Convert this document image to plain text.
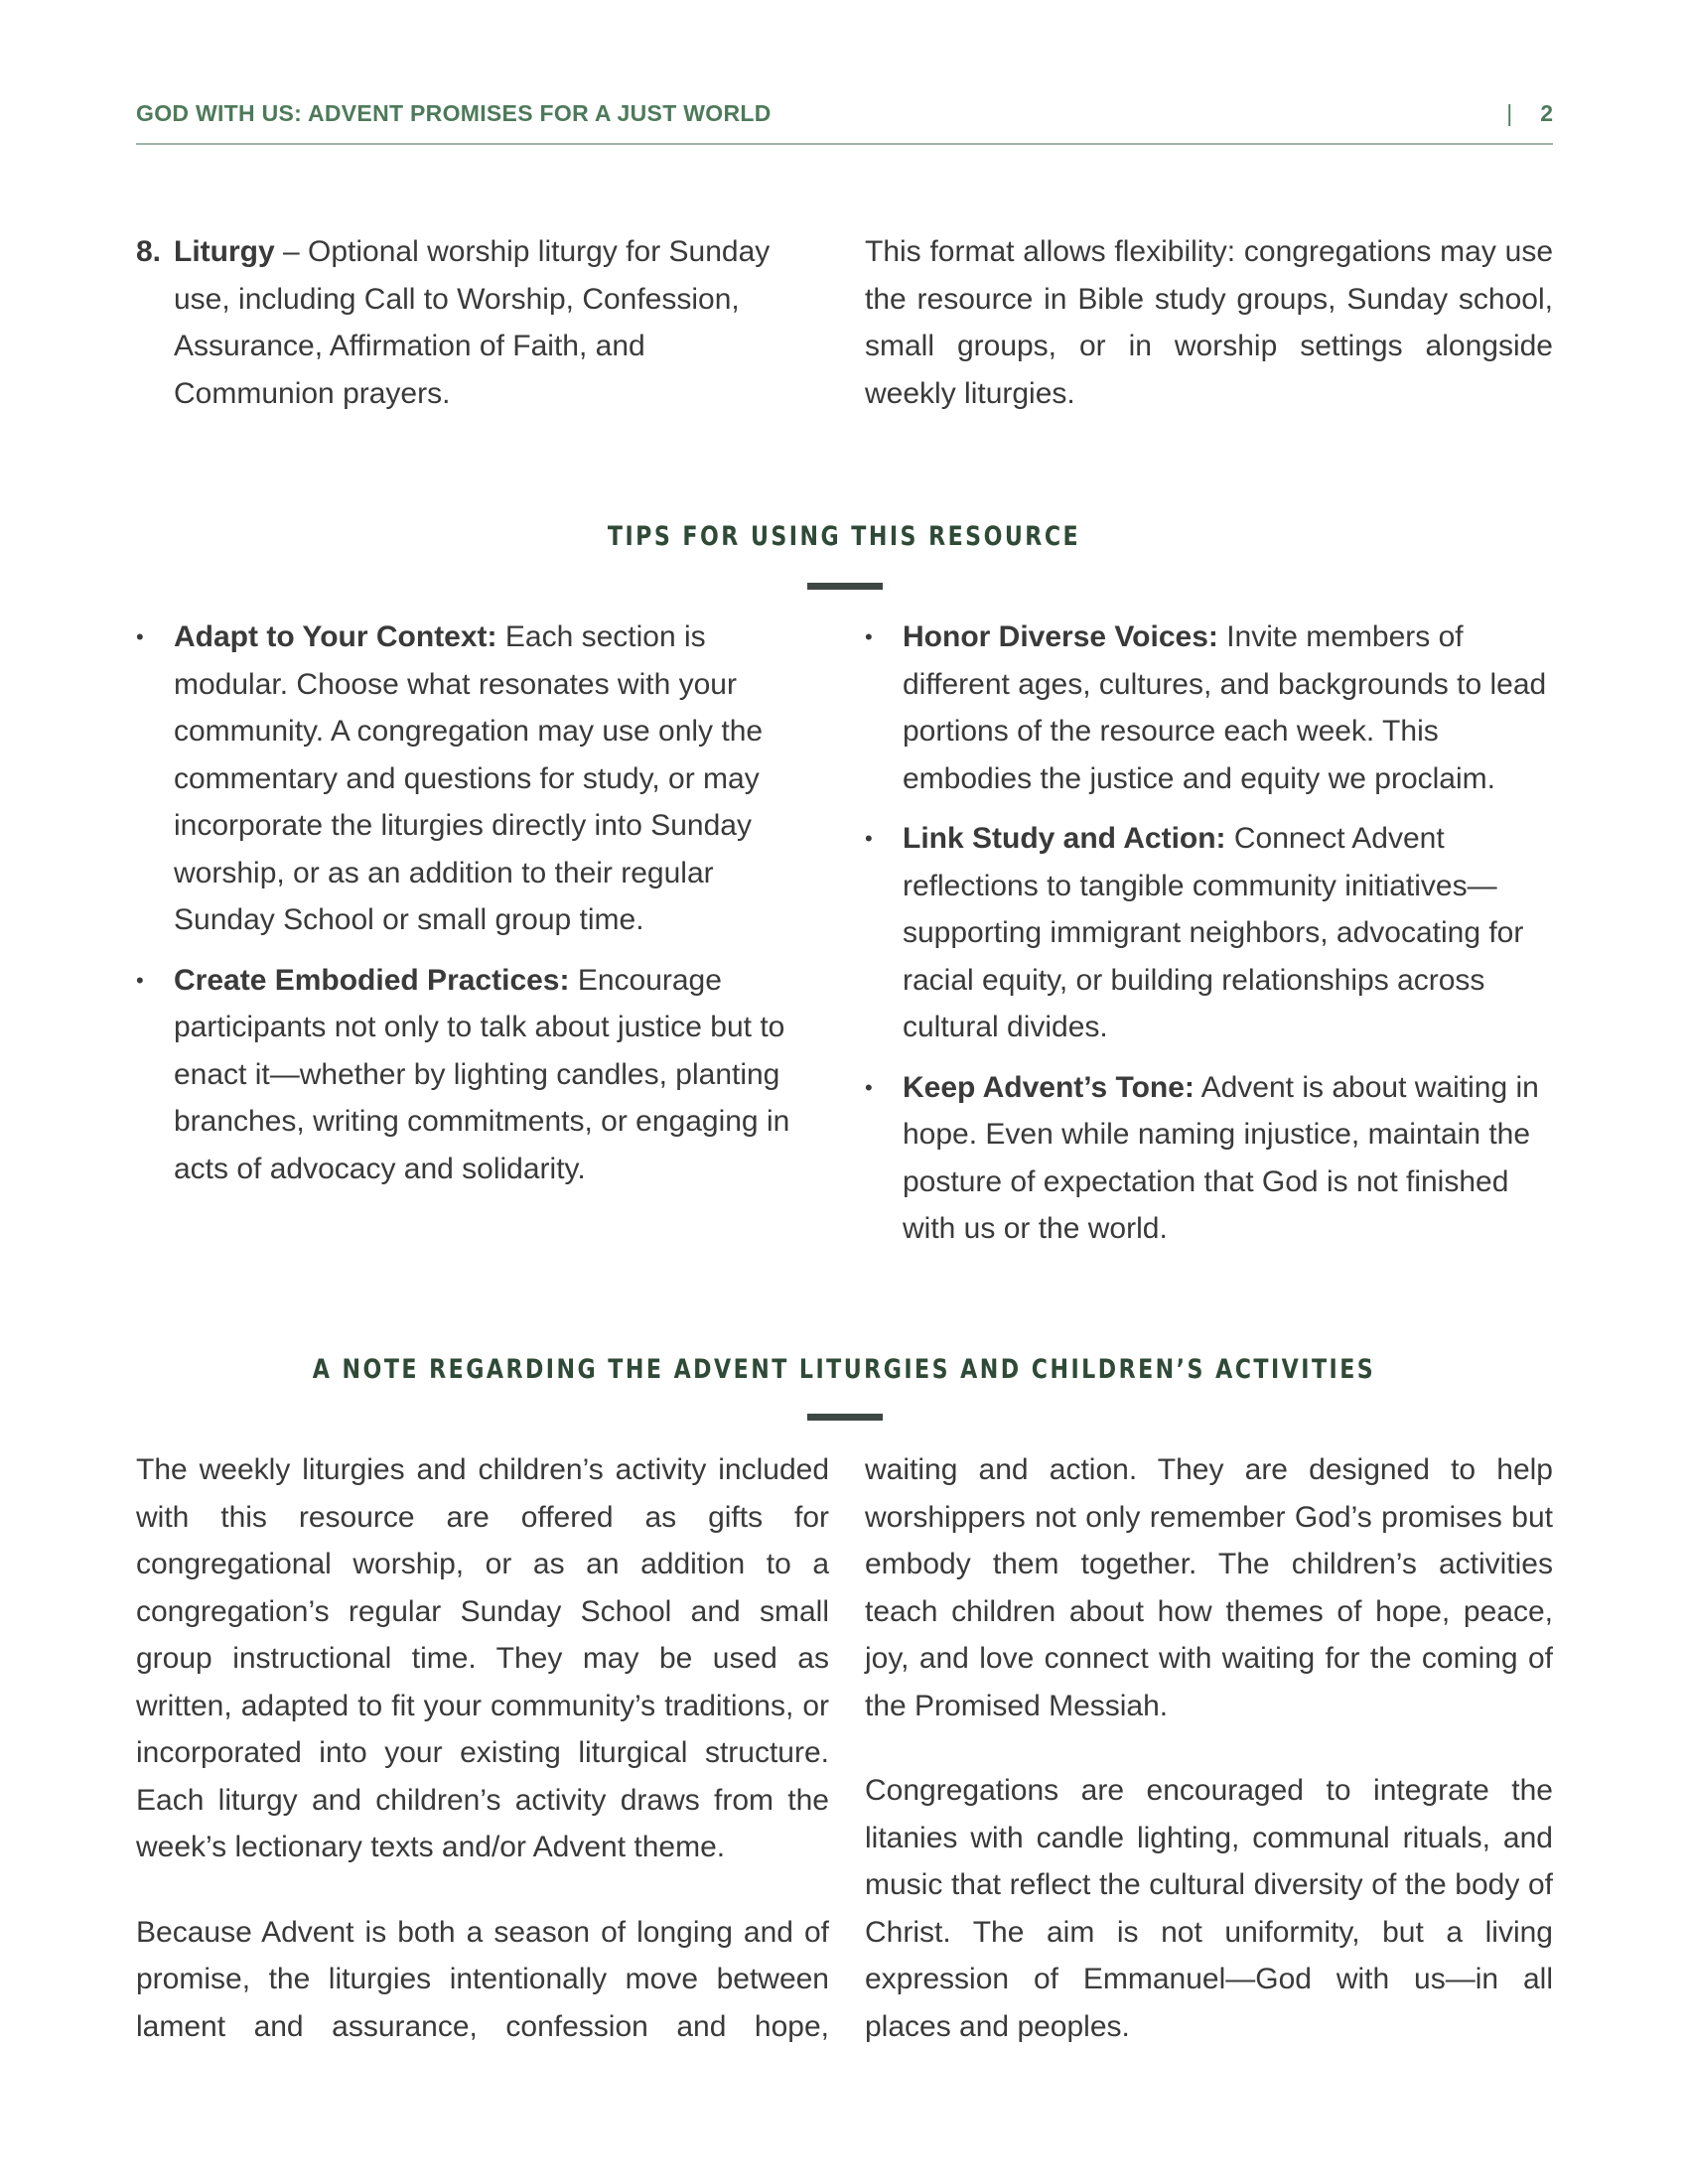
GOD WITH US: ADVENT PROMISES FOR A JUST WORLD	| 2
8. Liturgy – Optional worship liturgy for Sunday use, including Call to Worship, Confession, Assurance, Affirmation of Faith, and Communion prayers.

This format allows flexibility: congregations may use the resource in Bible study groups, Sunday school, small groups, or in worship settings alongside weekly liturgies.

TIPS FOR USING THIS RESOURCE
• Adapt to Your Context: Each section is modular. Choose what resonates with your community. A congregation may use only the commentary and questions for study, or may incorporate the liturgies directly into Sunday worship, or as an addition to their regular Sunday School or small group time.
• Create Embodied Practices: Encourage participants not only to talk about justice but to enact it—whether by lighting candles, planting branches, writing commitments, or engaging in acts of advocacy and solidarity.
• Honor Diverse Voices: Invite members of different ages, cultures, and backgrounds to lead portions of the resource each week. This embodies the justice and equity we proclaim.
• Link Study and Action: Connect Advent reflections to tangible community initiatives—supporting immigrant neighbors, advocating for racial equity, or building relationships across cultural divides.
• Keep Advent’s Tone: Advent is about waiting in hope. Even while naming injustice, maintain the posture of expectation that God is not finished with us or the world.
A NOTE REGARDING THE ADVENT LITURGIES AND CHILDREN’S ACTIVITIES

The weekly liturgies and children’s activity included with this resource are offered as gifts for congregational worship, or as an addition to a congregation’s regular Sunday School and small group instructional time. They may be used as written, adapted to fit your community’s traditions, or incorporated into your existing liturgical structure. Each liturgy and children’s activity draws from the week’s lectionary texts and/or Advent theme.

Because Advent is both a season of longing and of promise, the liturgies intentionally move between lament and assurance, confession and hope,

waiting and action. They are designed to help worshippers not only remember God’s promises but embody them together. The children’s activities teach children about how themes of hope, peace, joy, and love connect with waiting for the coming of the Promised Messiah.

Congregations are encouraged to integrate the litanies with candle lighting, communal rituals, and music that reflect the cultural diversity of the body of Christ. The aim is not uniformity, but a living expression of Emmanuel—God with us—in all places and peoples.
